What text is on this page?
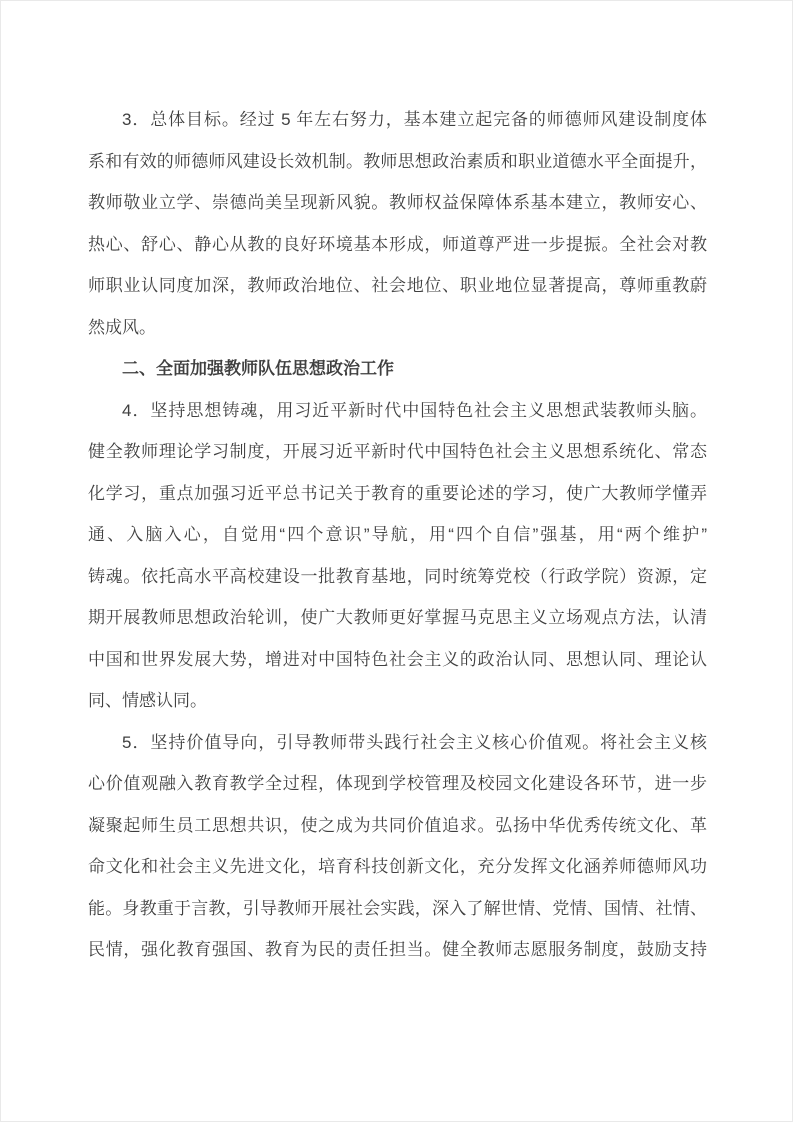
3．总体目标。经过 5 年左右努力，基本建立起完备的师德师风建设制度体
系和有效的师德师风建设长效机制。教师思想政治素质和职业道德水平全面提升，
教师敬业立学、崇德尚美呈现新风貌。教师权益保障体系基本建立，教师安心、
热心、舒心、静心从教的良好环境基本形成，师道尊严进一步提振。全社会对教
师职业认同度加深，教师政治地位、社会地位、职业地位显著提高，尊师重教蔚
然成风。
二、全面加强教师队伍思想政治工作
4．坚持思想铸魂，用习近平新时代中国特色社会主义思想武装教师头脑。
健全教师理论学习制度，开展习近平新时代中国特色社会主义思想系统化、常态
化学习，重点加强习近平总书记关于教育的重要论述的学习，使广大教师学懂弄
通、入脑入心，自觉用“四个意识”导航，用“四个自信”强基，用“两个维护”
铸魂。依托高水平高校建设一批教育基地，同时统筹党校（行政学院）资源，定
期开展教师思想政治轮训，使广大教师更好掌握马克思主义立场观点方法，认清
中国和世界发展大势，增进对中国特色社会主义的政治认同、思想认同、理论认
同、情感认同。
5．坚持价值导向，引导教师带头践行社会主义核心价值观。将社会主义核
心价值观融入教育教学全过程，体现到学校管理及校园文化建设各环节，进一步
凝聚起师生员工思想共识，使之成为共同价值追求。弘扬中华优秀传统文化、革
命文化和社会主义先进文化，培育科技创新文化，充分发挥文化涵养师德师风功
能。身教重于言教，引导教师开展社会实践，深入了解世情、党情、国情、社情、
民情，强化教育强国、教育为民的责任担当。健全教师志愿服务制度，鼓励支持
